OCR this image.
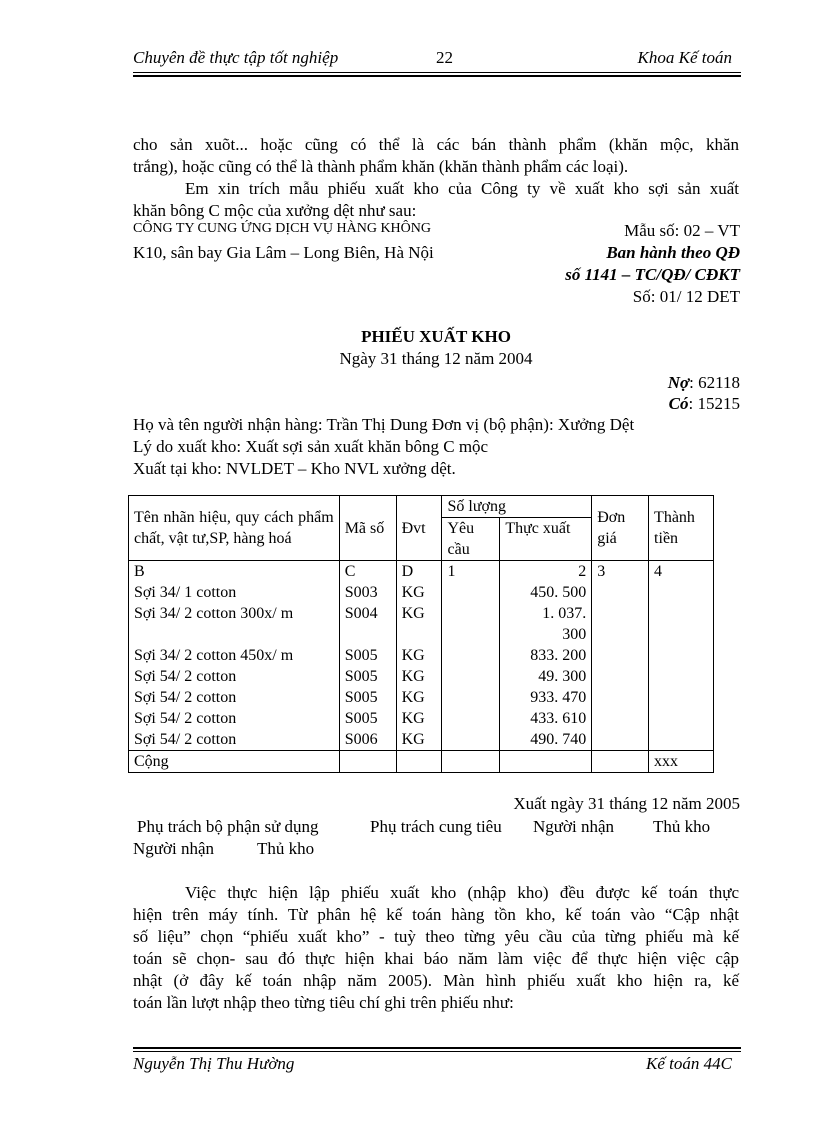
Chuyên đề thực tập tốt nghiệp	22	Khoa Kế toán
cho sản xuõt... hoặc cũng có thể là các bán thành phẩm (khăn mộc, khăn
trắng), hoặc cũng có thể là thành phẩm khăn (khăn thành phẩm các loại).
Em xin trích mẫu phiếu xuất kho của Công ty về xuất kho sợi sản xuất
khăn bông C mộc của xưởng dệt như sau:
CÔNG TY CUNG ỨNG DỊCH VỤ HÀNG KHÔNG
K10, sân bay Gia Lâm – Long Biên, Hà Nội
Mẫu số: 02 – VT
Ban hành theo QĐ
số 1141 – TC/QĐ/ CĐKT
Số: 01/ 12 DET
PHIẾU XUẤT KHO
Ngày 31 tháng 12 năm 2004
Nợ: 62118
Có: 15215
Họ và tên người nhận hàng: Trần Thị Dung Đơn vị (bộ phận): Xưởng Dệt
Lý do xuất kho: Xuất sợi sản xuất khăn bông C mộc
Xuất tại kho: NVLDET – Kho NVL xưởng dệt.
Tên nhãn hiệu, quy cách phẩm chất, vật tư,SP, hàng hoá	Mã số	Đvt	Số lượng		Đơn giá	Thành tiền
			Yêu cầu	Thực xuất		
B	C	D	1	2	3	4
Sợi 34/ 1 cotton	S003	KG		450. 500		
Sợi 34/ 2 cotton 300x/ m	S004	KG		1. 037. 300		
Sợi 34/ 2 cotton 450x/ m	S005	KG		833. 200		
Sợi 54/ 2 cotton	S005	KG		49. 300		
Sợi 54/ 2 cotton	S005	KG		933. 470		
Sợi 54/ 2 cotton	S005	KG		433. 610		
Sợi 54/ 2 cotton	S006	KG		490. 740		
Cộng						xxx
Xuất ngày 31 tháng 12 năm 2005
Phụ trách bộ phận sử dụng	Phụ trách cung tiêu Người nhận Thủ kho
Người nhận	Thủ kho
Việc thực hiện lập phiếu xuất kho (nhập kho) đều được kế toán thực
hiện trên máy tính. Từ phân hệ kế toán hàng tồn kho, kế toán vào “Cập nhật
số liệu” chọn “phiếu xuất kho” - tuỳ theo từng yêu cầu của từng phiếu mà kế
toán sẽ chọn- sau đó thực hiện khai báo năm làm việc để thực hiện việc cập
nhật (ở đây kế toán nhập năm 2005). Màn hình phiếu xuất kho hiện ra, kế
toán lần lượt nhập theo từng tiêu chí ghi trên phiếu như:
Nguyễn Thị Thu Hường	Kế toán 44C
